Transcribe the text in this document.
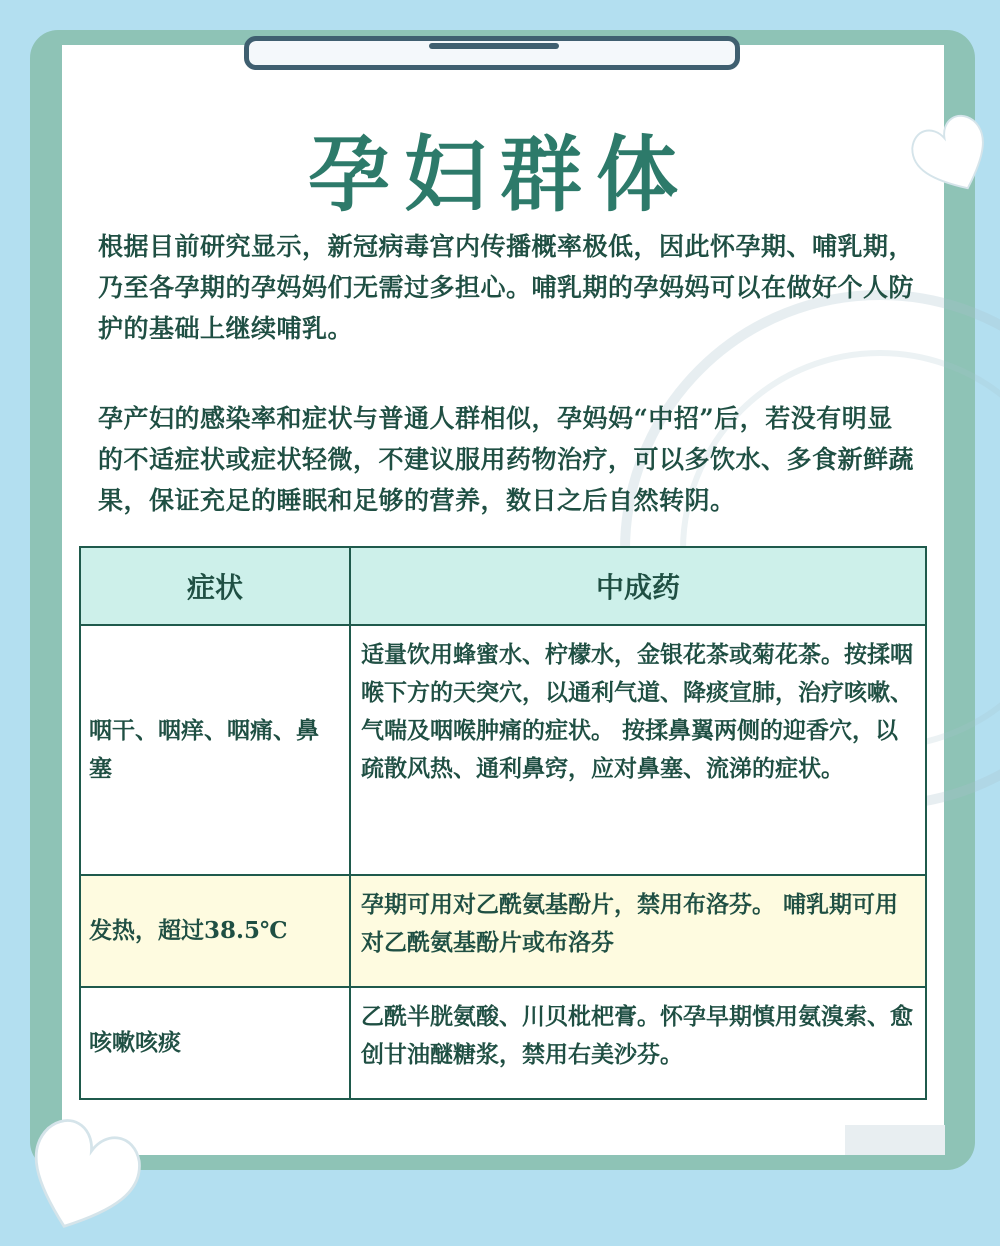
孕妇群体
根据目前研究显示，新冠病毒宫内传播概率极低，因此怀孕期、哺乳期，乃至各孕期的孕妈妈们无需过多担心。哺乳期的孕妈妈可以在做好个人防护的基础上继续哺乳。
孕产妇的感染率和症状与普通人群相似，孕妈妈“中招”后，若没有明显的不适症状或症状轻微，不建议服用药物治疗，可以多饮水、多食新鲜蔬果，保证充足的睡眠和足够的营养，数日之后自然转阴。
症状	中成药
咽干、咽痒、咽痛、鼻塞	适量饮用蜂蜜水、柠檬水，金银花茶或菊花茶。按揉咽喉下方的天突穴，以通利气道、降痰宣肺，治疗咳嗽、气喘及咽喉肿痛的症状。 按揉鼻翼两侧的迎香穴，以疏散风热、通利鼻窍，应对鼻塞、流涕的症状。
发热，超过38.5℃	孕期可用对乙酰氨基酚片，禁用布洛芬。 哺乳期可用对乙酰氨基酚片或布洛芬
咳嗽咳痰	乙酰半胱氨酸、川贝枇杷膏。怀孕早期慎用氨溴索、愈创甘油醚糖浆，禁用右美沙芬。
